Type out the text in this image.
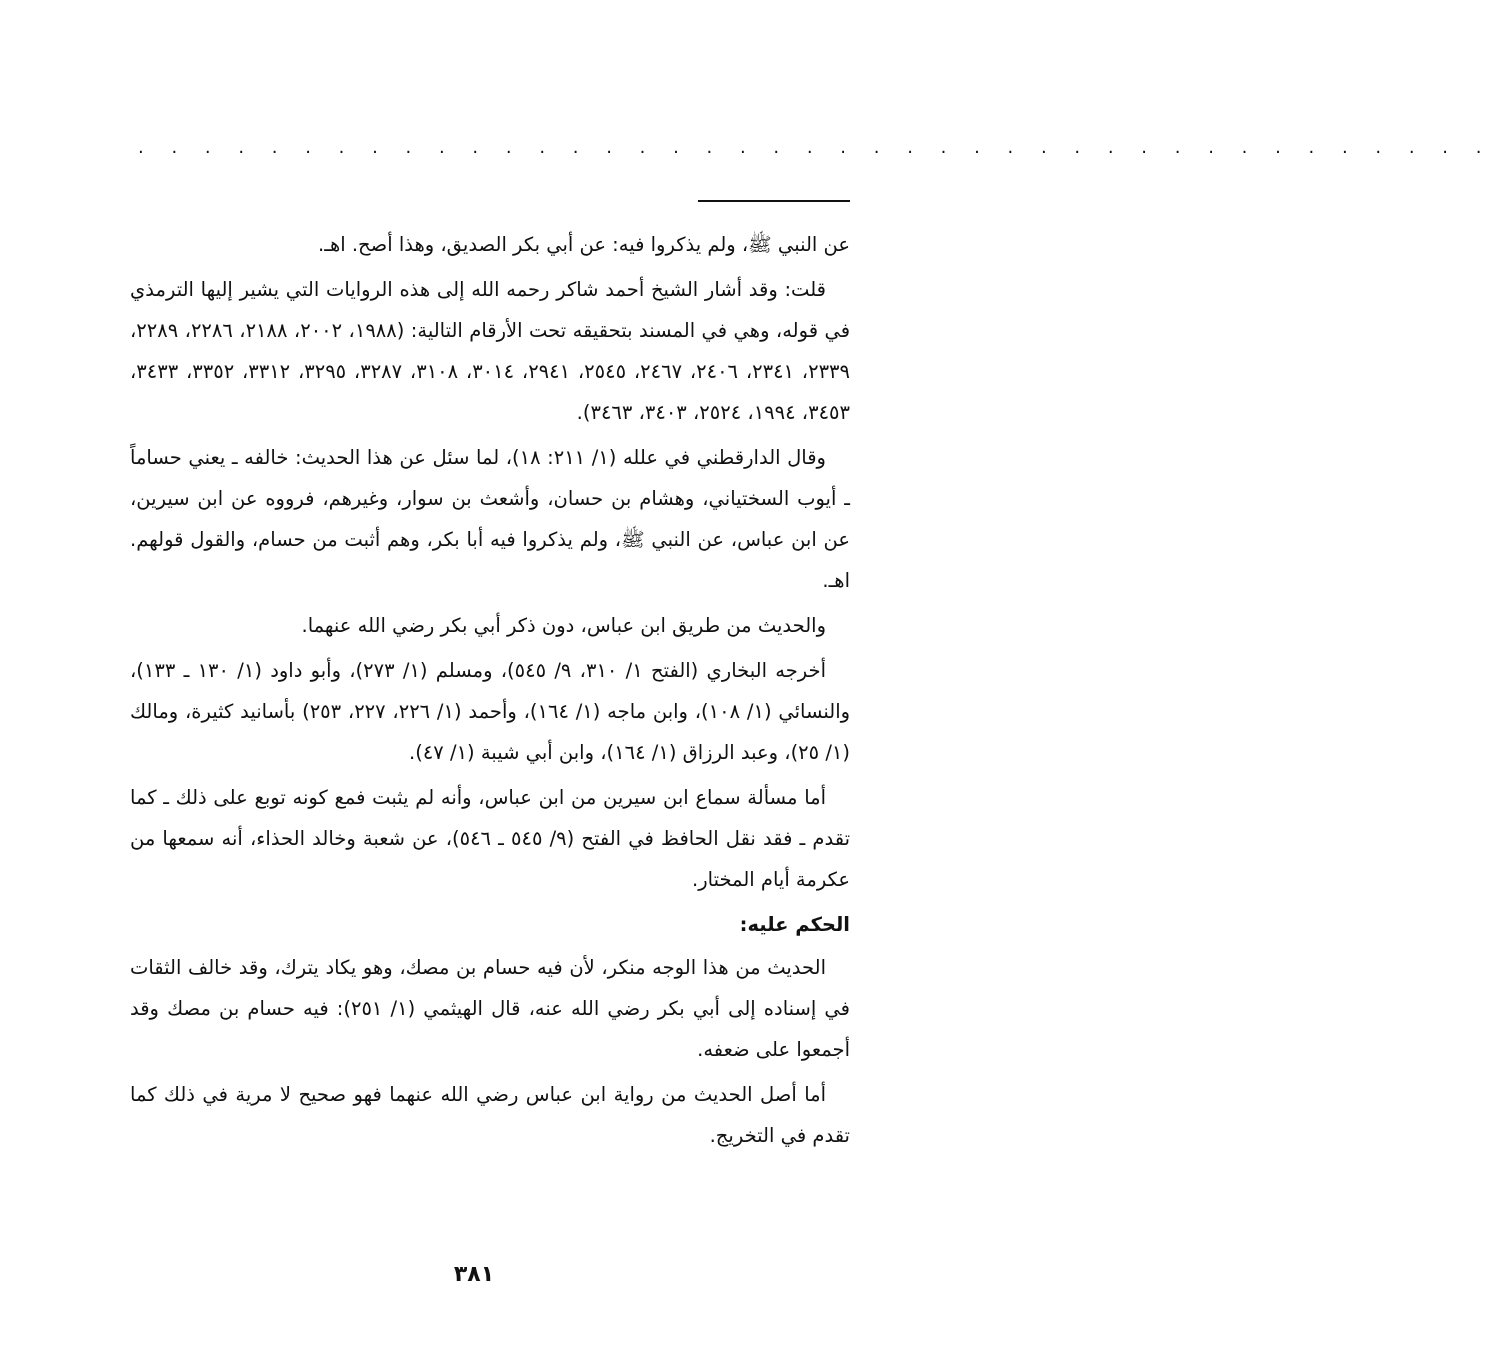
. . . . . . . . . . . . . . . . . . . . . . . . . . . . . . . . . . . . . . . . .

عن النبي ﷺ، ولم يذكروا فيه: عن أبي بكر الصديق، وهذا أصح. اهـ.

قلت: وقد أشار الشيخ أحمد شاكر رحمه الله إلى هذه الروايات التي يشير إليها الترمذي في قوله، وهي في المسند بتحقيقه تحت الأرقام التالية: (١٩٨٨، ٢٠٠٢، ٢١٨٨، ٢٢٨٦، ٢٢٨٩، ٢٣٣٩، ٢٣٤١، ٢٤٠٦، ٢٤٦٧، ٢٥٤٥، ٢٩٤١، ٣٠١٤، ٣١٠٨، ٣٢٨٧، ٣٢٩٥، ٣٣١٢، ٣٣٥٢، ٣٤٣٣، ٣٤٥٣، ١٩٩٤، ٢٥٢٤، ٣٤٠٣، ٣٤٦٣).

وقال الدارقطني في علله (١/ ٢١١: ١٨)، لما سئل عن هذا الحديث: خالفه ـ يعني حساماً ـ أيوب السختياني، وهشام بن حسان، وأشعث بن سوار، وغيرهم، فرووه عن ابن سيرين، عن ابن عباس، عن النبي ﷺ، ولم يذكروا فيه أبا بكر، وهم أثبت من حسام، والقول قولهم. اهـ.

والحديث من طريق ابن عباس، دون ذكر أبي بكر رضي الله عنهما.

أخرجه البخاري (الفتح ١/ ٣١٠، ٩/ ٥٤٥)، ومسلم (١/ ٢٧٣)، وأبو داود (١/ ١٣٠ ـ ١٣٣)، والنسائي (١/ ١٠٨)، وابن ماجه (١/ ١٦٤)، وأحمد (١/ ٢٢٦، ٢٢٧، ٢٥٣) بأسانيد كثيرة، ومالك (١/ ٢٥)، وعبد الرزاق (١/ ١٦٤)، وابن أبي شيبة (١/ ٤٧).

أما مسألة سماع ابن سيرين من ابن عباس، وأنه لم يثبت فمع كونه توبع على ذلك ـ كما تقدم ـ فقد نقل الحافظ في الفتح (٩/ ٥٤٥ ـ ٥٤٦)، عن شعبة وخالد الحذاء، أنه سمعها من عكرمة أيام المختار.

الحكم عليه:

الحديث من هذا الوجه منكر، لأن فيه حسام بن مصك، وهو يكاد يترك، وقد خالف الثقات في إسناده إلى أبي بكر رضي الله عنه، قال الهيثمي (١/ ٢٥١): فيه حسام بن مصك وقد أجمعوا على ضعفه.

أما أصل الحديث من رواية ابن عباس رضي الله عنهما فهو صحيح لا مرية في ذلك كما تقدم في التخريج.

٣٨١
